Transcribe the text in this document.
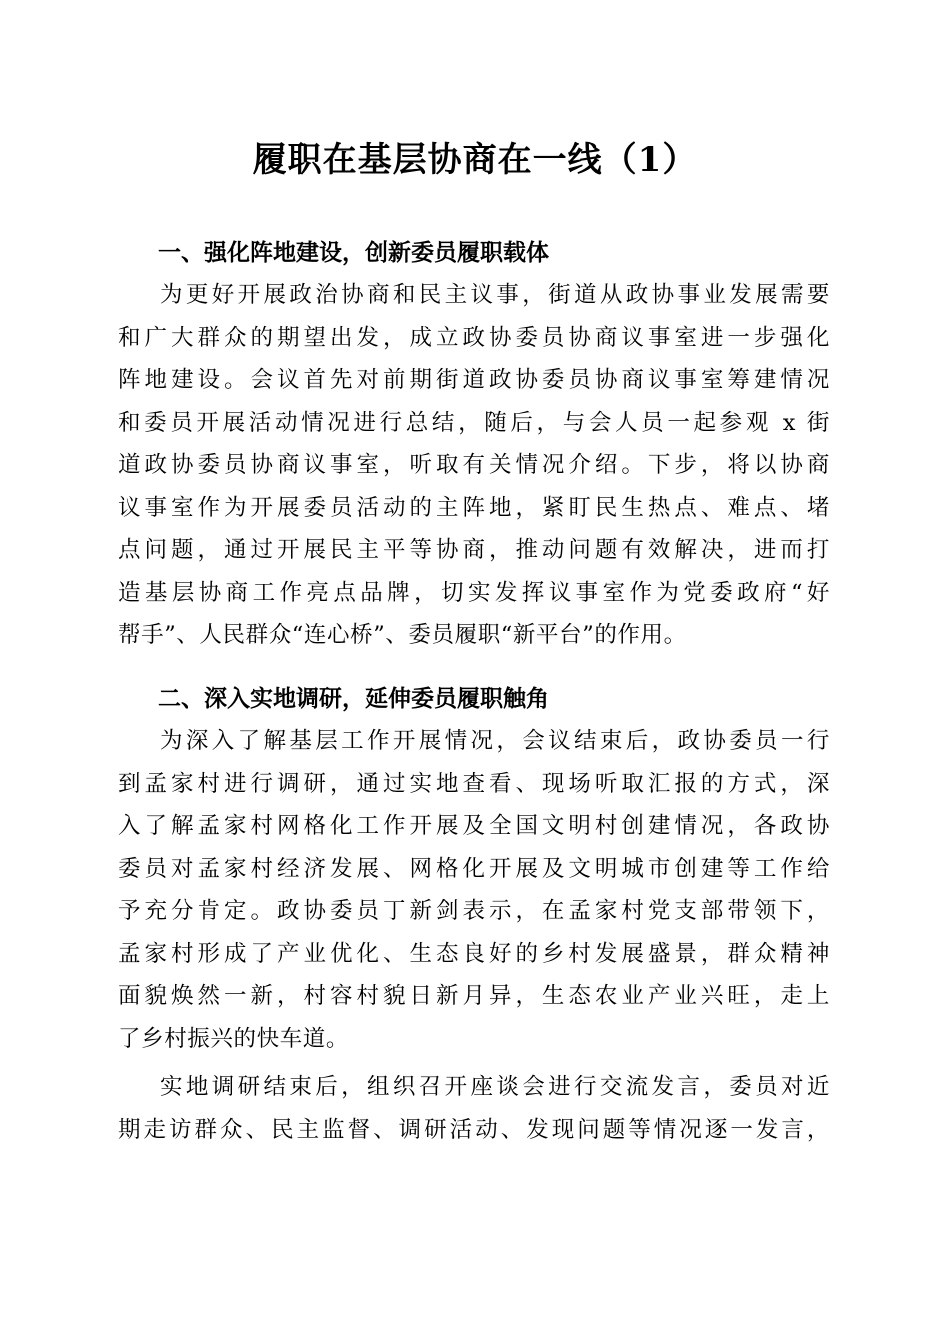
履职在基层协商在一线（1）
一、强化阵地建设，创新委员履职载体
为更好开展政治协商和民主议事，街道从政协事业发展需要
和广大群众的期望出发，成立政协委员协商议事室进一步强化
阵地建设。会议首先对前期街道政协委员协商议事室筹建情况
和委员开展活动情况进行总结，随后，与会人员一起参观 x 街
道政协委员协商议事室，听取有关情况介绍。下步，将以协商
议事室作为开展委员活动的主阵地，紧盯民生热点、难点、堵
点问题，通过开展民主平等协商，推动问题有效解决，进而打
造基层协商工作亮点品牌，切实发挥议事室作为党委政府“好
帮手”、人民群众“连心桥”、委员履职“新平台”的作用。
二、深入实地调研，延伸委员履职触角
为深入了解基层工作开展情况，会议结束后，政协委员一行
到孟家村进行调研，通过实地查看、现场听取汇报的方式，深
入了解孟家村网格化工作开展及全国文明村创建情况，各政协
委员对孟家村经济发展、网格化开展及文明城市创建等工作给
予充分肯定。政协委员丁新剑表示，在孟家村党支部带领下，
孟家村形成了产业优化、生态良好的乡村发展盛景，群众精神
面貌焕然一新，村容村貌日新月异，生态农业产业兴旺，走上
了乡村振兴的快车道。
实地调研结束后，组织召开座谈会进行交流发言，委员对近
期走访群众、民主监督、调研活动、发现问题等情况逐一发言，
